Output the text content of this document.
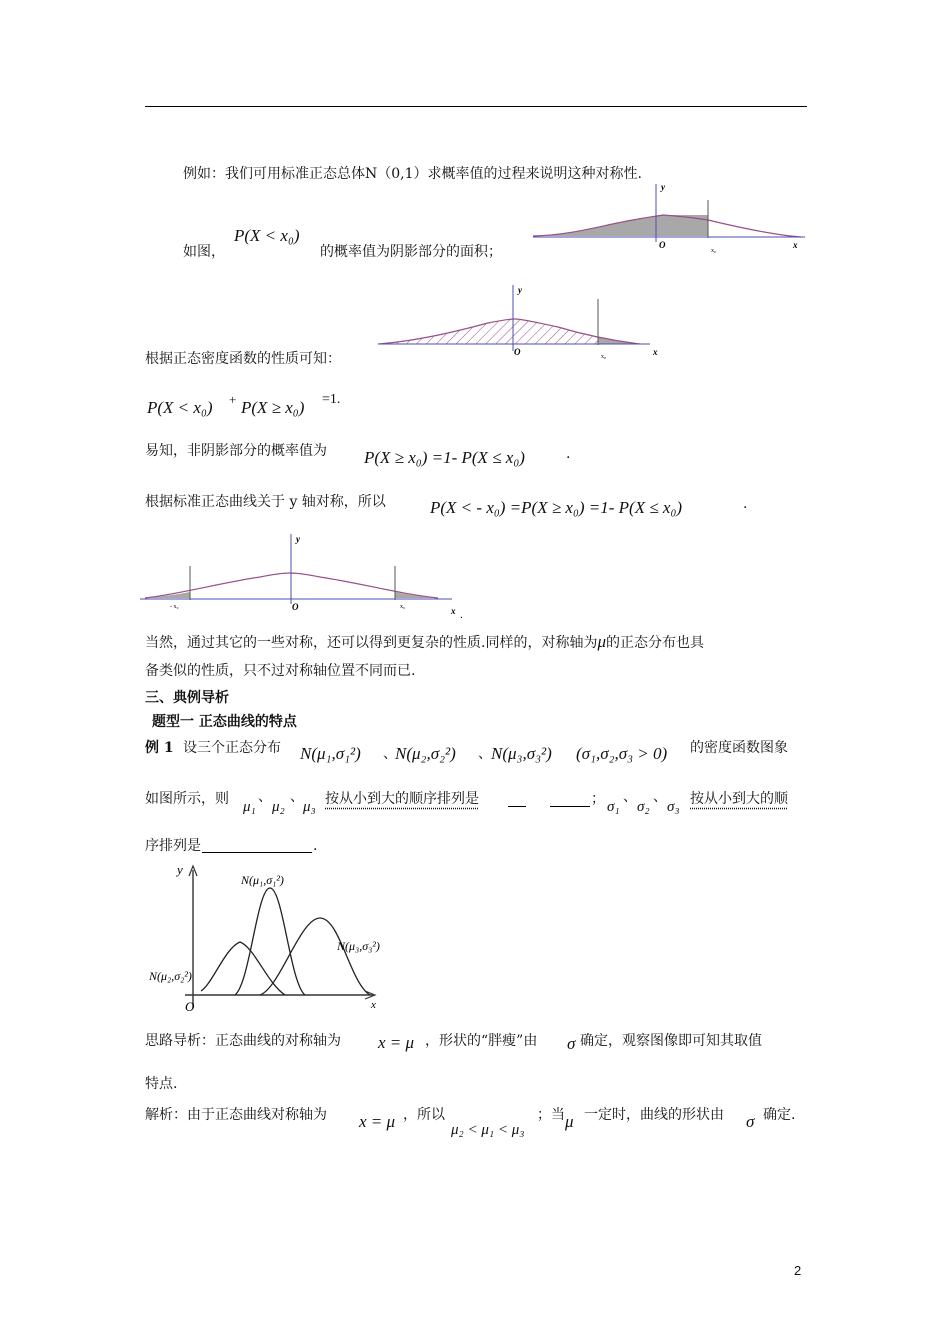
例如：我们可用标准正态总体N（0,1）求概率值的过程来说明这种对称性.
如图，
P(X < x₀)
的概率值为阴影部分的面积；
y
O
x₀
x
y
O	x₀	x
根据正态密度函数的性质可知：
P(X < x₀) + P(X ≥ x₀) =1.
易知，非阴影部分的概率值为 P(X ≥ x₀) =1- P(X ≤ x₀)	.
根据标准正态曲线关于 y 轴对称，所以	P(X < - x₀) =P(X ≥ x₀) =1- P(X ≤ x₀)	.
y
O
- x₀	x₀	x .
当然，通过其它的一些对称，还可以得到更复杂的性质.同样的，对称轴为μ的正态分布也具
备类似的性质，只不过对称轴位置不同而已.
三、典例导析
题型一 正态曲线的特点
例 1 设三个正态分布 N(μ₁,σ₁²) 、
N(μ₂,σ₂²) 、 N(μ₃,σ₃²) (σ₁,σ₂,σ₃ > 0) 的密度函数图象
如图所示，则 μ₁
、
μ₂
、
μ₃ 按从小到大的顺序排列是	； σ₁
、
σ₂
、
σ₃ 按从小到大的顺
序排列是	.
y
O	x
N(μ₁,σ₁²)
N(μ₂,σ₂²)
N(μ₃,σ₃²)
思路导析：正态曲线的对称轴为 x = μ ，形状的“胖瘦”由 σ 确定，观察图像即可知其取值
特点.
解析：由于正态曲线对称轴为 x = μ ，所以
μ₂ < μ₁ < μ₃
；当 μ 一定时，曲线的形状由 σ 确定.
2
